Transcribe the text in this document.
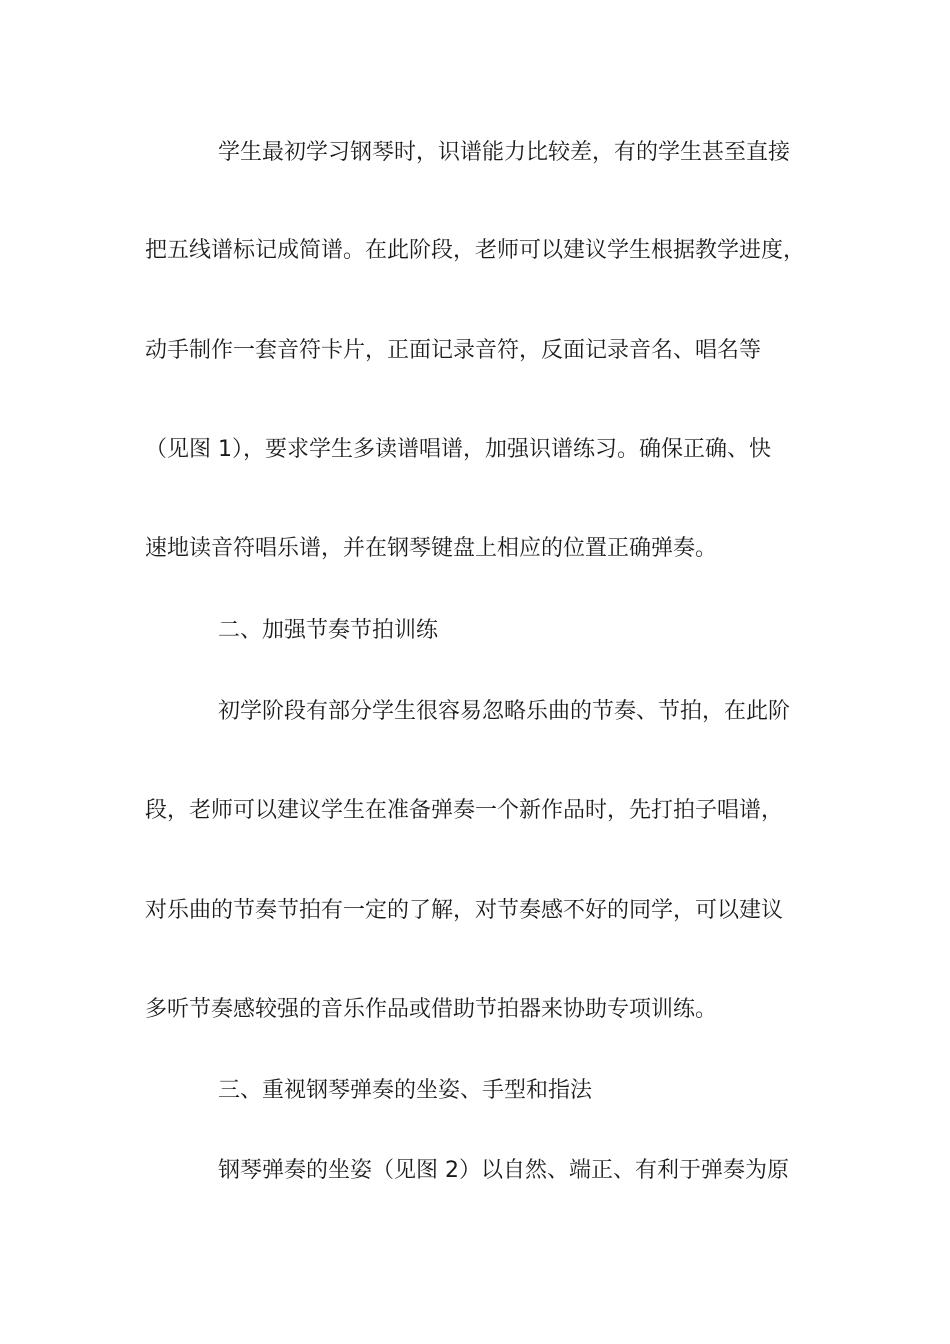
学生最初学习钢琴时，识谱能力比较差，有的学生甚至直接
把五线谱标记成简谱。在此阶段，老师可以建议学生根据教学进度，
动手制作一套音符卡片，正面记录音符，反面记录音名、唱名等
（见图 1），要求学生多读谱唱谱，加强识谱练习。确保正确、快
速地读音符唱乐谱，并在钢琴键盘上相应的位置正确弹奏。
二、加强节奏节拍训练
初学阶段有部分学生很容易忽略乐曲的节奏、节拍，在此阶
段，老师可以建议学生在准备弹奏一个新作品时，先打拍子唱谱，
对乐曲的节奏节拍有一定的了解，对节奏感不好的同学，可以建议
多听节奏感较强的音乐作品或借助节拍器来协助专项训练。
三、重视钢琴弹奏的坐姿、手型和指法
钢琴弹奏的坐姿（见图 2）以自然、端正、有利于弹奏为原
